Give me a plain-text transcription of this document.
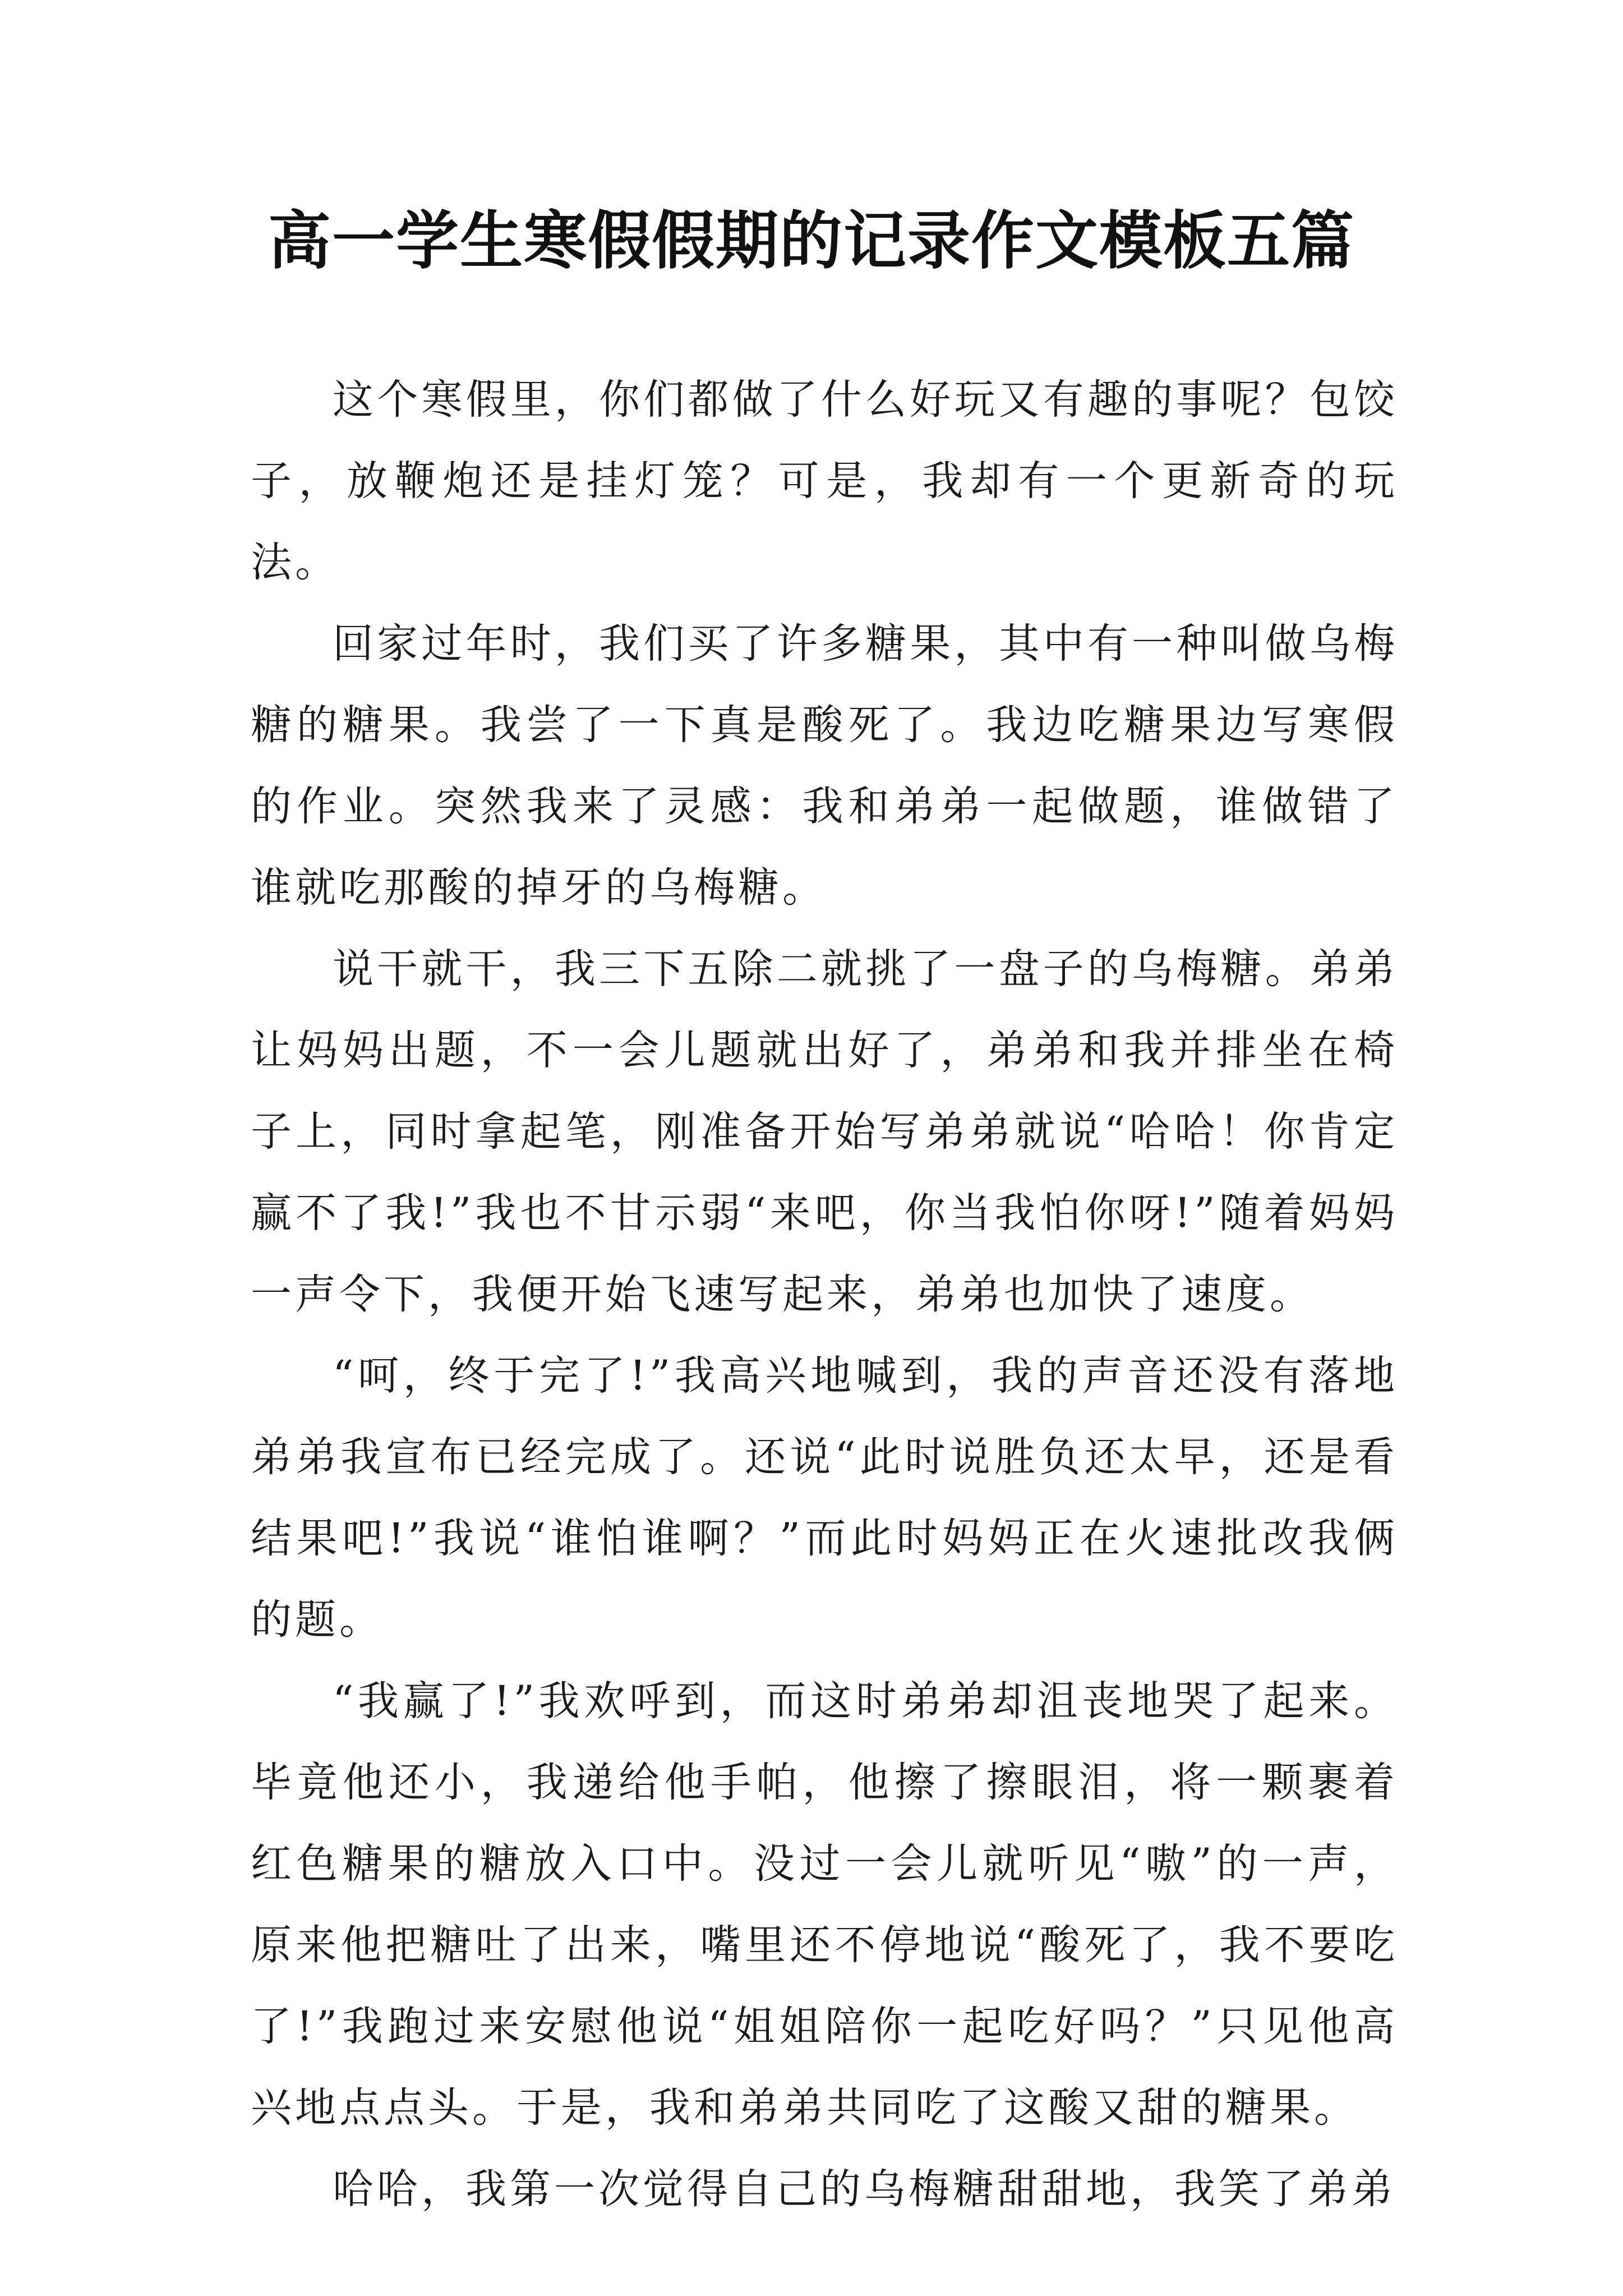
高一学生寒假假期的记录作文模板五篇

这个寒假里，你们都做了什么好玩又有趣的事呢？包饺子，放鞭炮还是挂灯笼？可是，我却有一个更新奇的玩法。

回家过年时，我们买了许多糖果，其中有一种叫做乌梅糖的糖果。我尝了一下真是酸死了。我边吃糖果边写寒假的作业。突然我来了灵感：我和弟弟一起做题，谁做错了谁就吃那酸的掉牙的乌梅糖。

说干就干，我三下五除二就挑了一盘子的乌梅糖。弟弟让妈妈出题，不一会儿题就出好了，弟弟和我并排坐在椅子上，同时拿起笔，刚准备开始写弟弟就说“哈哈！你肯定赢不了我!”我也不甘示弱“来吧，你当我怕你呀!”随着妈妈一声令下，我便开始飞速写起来，弟弟也加快了速度。

“呵，终于完了!”我高兴地喊到，我的声音还没有落地弟弟我宣布已经完成了。还说“此时说胜负还太早，还是看结果吧!”我说“谁怕谁啊？”而此时妈妈正在火速批改我俩的题。

“我赢了!”我欢呼到，而这时弟弟却沮丧地哭了起来。毕竟他还小，我递给他手帕，他擦了擦眼泪，将一颗裹着红色糖果的糖放入口中。没过一会儿就听见“嗷”的一声，原来他把糖吐了出来，嘴里还不停地说“酸死了，我不要吃了!”我跑过来安慰他说“姐姐陪你一起吃好吗？”只见他高兴地点点头。于是，我和弟弟共同吃了这酸又甜的糖果。

哈哈，我第一次觉得自己的乌梅糖甜甜地，我笑了弟弟
